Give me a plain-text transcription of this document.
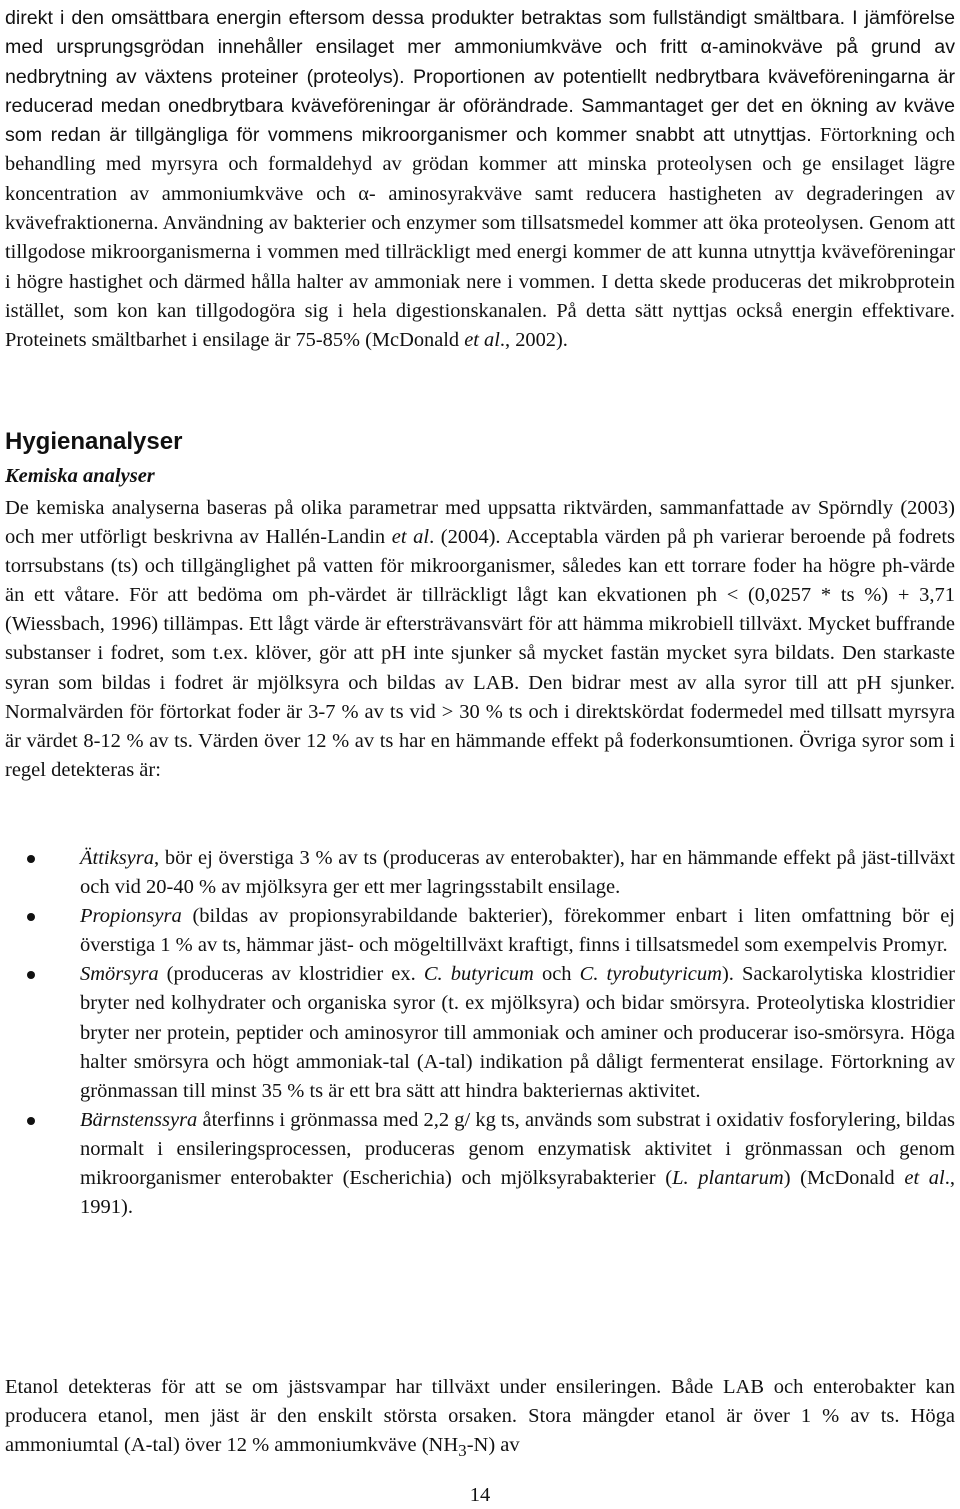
direkt i den omsättbara energin eftersom dessa produkter betraktas som fullständigt smältbara. I jämförelse med ursprungsgrödan innehåller ensilaget mer ammoniumkväve och fritt α-aminokväve på grund av nedbrytning av växtens proteiner (proteolys). Proportionen av potentiellt nedbrytbara kväveföreningarna är reducerad medan onedbrytbara kväveföreningar är oförändrade. Sammantaget ger det en ökning av kväve som redan är tillgängliga för vommens mikroorganismer och kommer snabbt att utnyttjas. Förtorkning och behandling med myrsyra och formaldehyd av grödan kommer att minska proteolysen och ge ensilaget lägre koncentration av ammoniumkväve och α- aminosyrakväve samt reducera hastigheten av degraderingen av kvävefraktionerna. Användning av bakterier och enzymer som tillsatsmedel kommer att öka proteolysen. Genom att tillgodose mikroorganismerna i vommen med tillräckligt med energi kommer de att kunna utnyttja kväveföreningar i högre hastighet och därmed hålla halter av ammoniak nere i vommen. I detta skede produceras det mikrobprotein istället, som kon kan tillgodogöra sig i hela digestionskanalen. På detta sätt nyttjas också energin effektivare. Proteinets smältbarhet i ensilage är 75-85% (McDonald et al., 2002).

Hygienanalyser
Kemiska analyser

De kemiska analyserna baseras på olika parametrar med uppsatta riktvärden, sammanfattade av Spörndly (2003) och mer utförligt beskrivna av Hallén-Landin et al. (2004). Acceptabla värden på ph varierar beroende på fodrets torrsubstans (ts) och tillgänglighet på vatten för mikroorganismer, således kan ett torrare foder ha högre ph-värde än ett våtare. För att bedöma om ph-värdet är tillräckligt lågt kan ekvationen ph < (0,0257 * ts %) + 3,71 (Wiessbach, 1996) tillämpas. Ett lågt värde är eftersträvansvärt för att hämma mikrobiell tillväxt. Mycket buffrande substanser i fodret, som t.ex. klöver, gör att pH inte sjunker så mycket fastän mycket syra bildats. Den starkaste syran som bildas i fodret är mjölksyra och bildas av LAB. Den bidrar mest av alla syror till att pH sjunker. Normalvärden för förtorkat foder är 3-7 % av ts vid > 30 % ts och i direktskördat fodermedel med tillsatt myrsyra är värdet 8-12 % av ts. Värden över 12 % av ts har en hämmande effekt på foderkonsumtionen. Övriga syror som i regel detekteras är:

Ättiksyra, bör ej överstiga 3 % av ts (produceras av enterobakter), har en hämmande effekt på jäst-tillväxt och vid 20-40 % av mjölksyra ger ett mer lagringsstabilt ensilage.
Propionsyra (bildas av propionsyrabildande bakterier), förekommer enbart i liten omfattning bör ej överstiga 1 % av ts, hämmar jäst- och mögeltillväxt kraftigt, finns i tillsatsmedel som exempelvis Promyr.
Smörsyra (produceras av klostridier ex. C. butyricum och C. tyrobutyricum). Sackarolytiska klostridier bryter ned kolhydrater och organiska syror (t. ex mjölksyra) och bidar smörsyra. Proteolytiska klostridier bryter ner protein, peptider och aminosyror till ammoniak och aminer och producerar iso-smörsyra. Höga halter smörsyra och högt ammoniak-tal (A-tal) indikation på dåligt fermenterat ensilage. Förtorkning av grönmassan till minst 35 % ts är ett bra sätt att hindra bakteriernas aktivitet.
Bärnstenssyra återfinns i grönmassa med 2,2 g/ kg ts, används som substrat i oxidativ fosforylering, bildas normalt i ensileringsprocessen, produceras genom enzymatisk aktivitet i grönmassan och genom mikroorganismer enterobakter (Escherichia) och mjölksyrabakterier (L. plantarum) (McDonald et al., 1991).

Etanol detekteras för att se om jästsvampar har tillväxt under ensileringen. Både LAB och enterobakter kan producera etanol, men jäst är den enskilt största orsaken. Stora mängder etanol är över 1 % av ts. Höga ammoniumtal (A-tal) över 12 % ammoniumkväve $(NH_3-N)$ av

14
